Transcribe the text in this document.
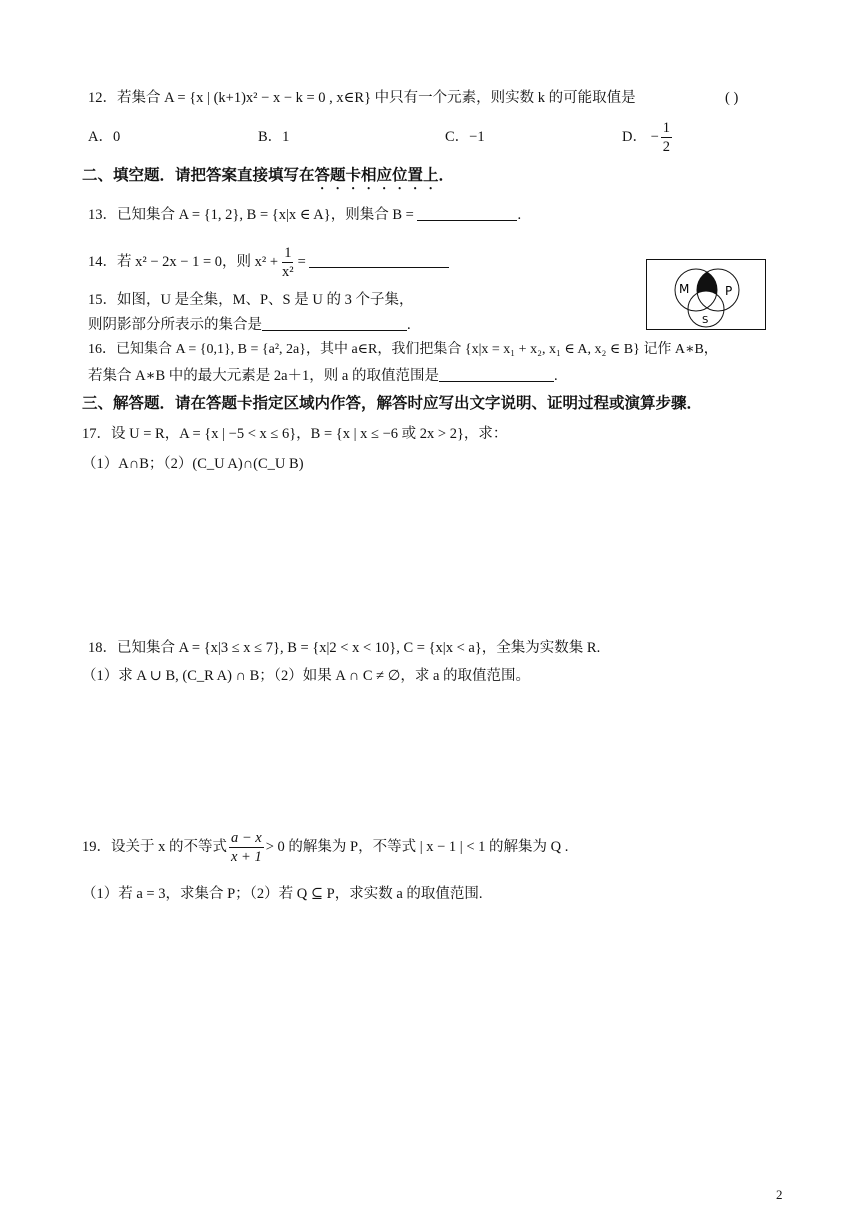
12．若集合 A = {x | (k+1)x² − x − k = 0 , x∈R} 中只有一个元素，则实数 k 的可能取值是	( )
A．0	B．1	C．−1	D． − $\frac{1}{2}$
二、填空题．请把答案直接填写在答题卡相应位置上．
13．已知集合 A = {1, 2}, B = {x|x ∈ A}，则集合 B =	.
14．若 x² − 2x − 1 = 0，则 $x^2 + \frac{1}{\text{x²}}$ =
M	P
S
15．如图，U 是全集，M、P、S 是 U 的 3 个子集，
则阴影部分所表示的集合是	.
16．已知集合 A = {0,1}, B = {a², 2a}，其中 a∈R，我们把集合 {x|x = x₁ + x₂, x₁ ∈ A, x₂ ∈ B} 记作 A∗B，
若集合 A∗B 中的最大元素是 2a＋1，则 a 的取值范围是	.
三、解答题．请在答题卡指定区域内作答，解答时应写出文字说明、证明过程或演算步骤．
17．设 U = R，A = {x | −5 < x ≤ 6}，B = {x | x ≤ −6 或 2x > 2}，求：
（1）A∩B；（2）(C_U A)∩(C_U B)
18．已知集合 A = {x|3 ≤ x ≤ 7}, B = {x|2 < x < 10}, C = {x|x < a}，全集为实数集 R.
（1）求 A ∪ B, (C_R A) ∩ B；（2）如果 A ∩ C ≠ ∅，求 a 的取值范围。
19．设关于 x 的不等式 $\frac{a - x}{x + 1} > 0$ 的解集为 P，不等式 | x − 1 | < 1 的解集为 Q .
（1）若 a = 3，求集合 P；（2）若 Q ⊆ P，求实数 a 的取值范围.
2
